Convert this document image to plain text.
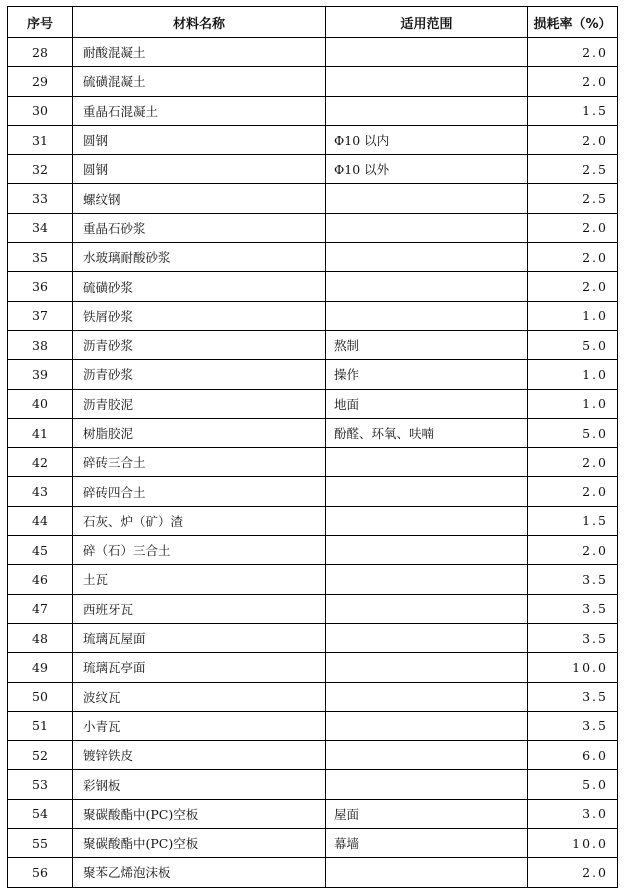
序号	材料名称	适用范围	损耗率（%）
28	耐酸混凝土		2.0
29	硫磺混凝土		2.0
30	重晶石混凝土		1.5
31	圆钢	Φ10 以内	2.0
32	圆钢	Φ10 以外	2.5
33	螺纹钢		2.5
34	重晶石砂浆		2.0
35	水玻璃耐酸砂浆		2.0
36	硫磺砂浆		2.0
37	铁屑砂浆		1.0
38	沥青砂浆	熬制	5.0
39	沥青砂浆	操作	1.0
40	沥青胶泥	地面	1.0
41	树脂胶泥	酚醛、环氧、呋喃	5.0
42	碎砖三合土		2.0
43	碎砖四合土		2.0
44	石灰、炉（矿）渣		1.5
45	碎（石）三合土		2.0
46	土瓦		3.5
47	西班牙瓦		3.5
48	琉璃瓦屋面		3.5
49	琉璃瓦亭面		10.0
50	波纹瓦		3.5
51	小青瓦		3.5
52	镀锌铁皮		6.0
53	彩钢板		5.0
54	聚碳酸酯中(PC)空板	屋面	3.0
55	聚碳酸酯中(PC)空板	幕墙	10.0
56	聚苯乙烯泡沫板		2.0
